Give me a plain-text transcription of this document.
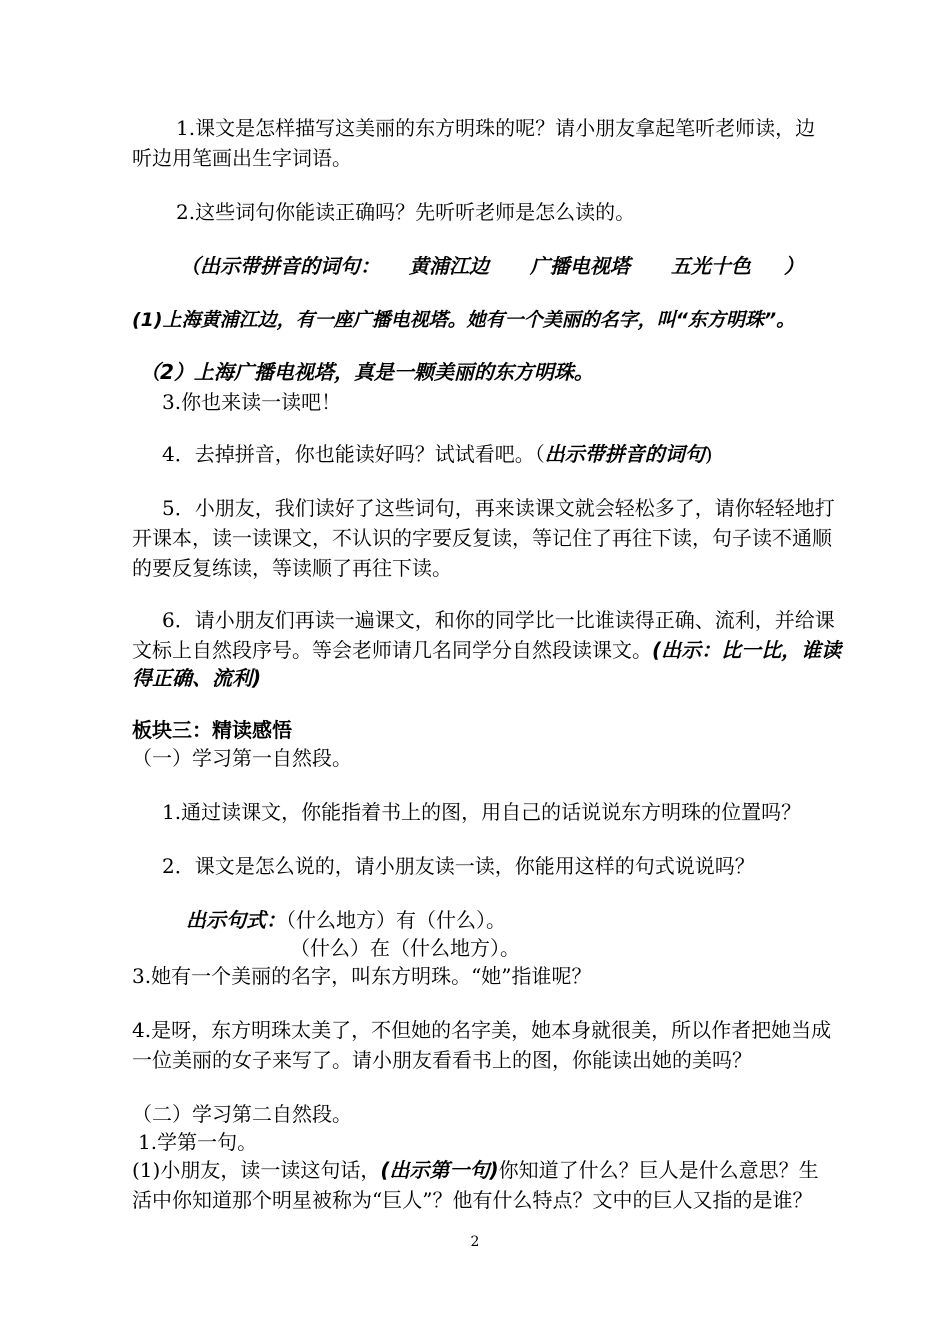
1.课文是怎样描写这美丽的东方明珠的呢？请小朋友拿起笔听老师读，边
听边用笔画出生字词语。
2.这些词句你能读正确吗？先听听老师是怎么读的。
（出示带拼音的词句： 黄浦江边 广播电视塔 五光十色 ）
(1)上海黄浦江边，有一座广播电视塔。她有一个美丽的名字，叫“东方明珠”。
（2）上海广播电视塔，真是一颗美丽的东方明珠。
3.你也来读一读吧！
4．去掉拼音，你也能读好吗？试试看吧。（出示带拼音的词句)
5．小朋友，我们读好了这些词句，再来读课文就会轻松多了，请你轻轻地打
开课本，读一读课文，不认识的字要反复读，等记住了再往下读，句子读不通顺
的要反复练读，等读顺了再往下读。
6．请小朋友们再读一遍课文，和你的同学比一比谁读得正确、流利，并给课
文标上自然段序号。等会老师请几名同学分自然段读课文。(出示：比一比，谁读
得正确、流利)
板块三：精读感悟
（一）学习第一自然段。
1.通过读课文，你能指着书上的图，用自己的话说说东方明珠的位置吗？
2．课文是怎么说的，请小朋友读一读，你能用这样的句式说说吗？
出示句式：（什么地方）有（什么）。
（什么）在（什么地方）。
3.她有一个美丽的名字，叫东方明珠。“她”指谁呢？
4.是呀，东方明珠太美了，不但她的名字美，她本身就很美，所以作者把她当成
一位美丽的女子来写了。请小朋友看看书上的图，你能读出她的美吗？
（二）学习第二自然段。
1.学第一句。
(1)小朋友，读一读这句话，(出示第一句)你知道了什么？巨人是什么意思？生
活中你知道那个明星被称为“巨人”？他有什么特点？文中的巨人又指的是谁？
2
